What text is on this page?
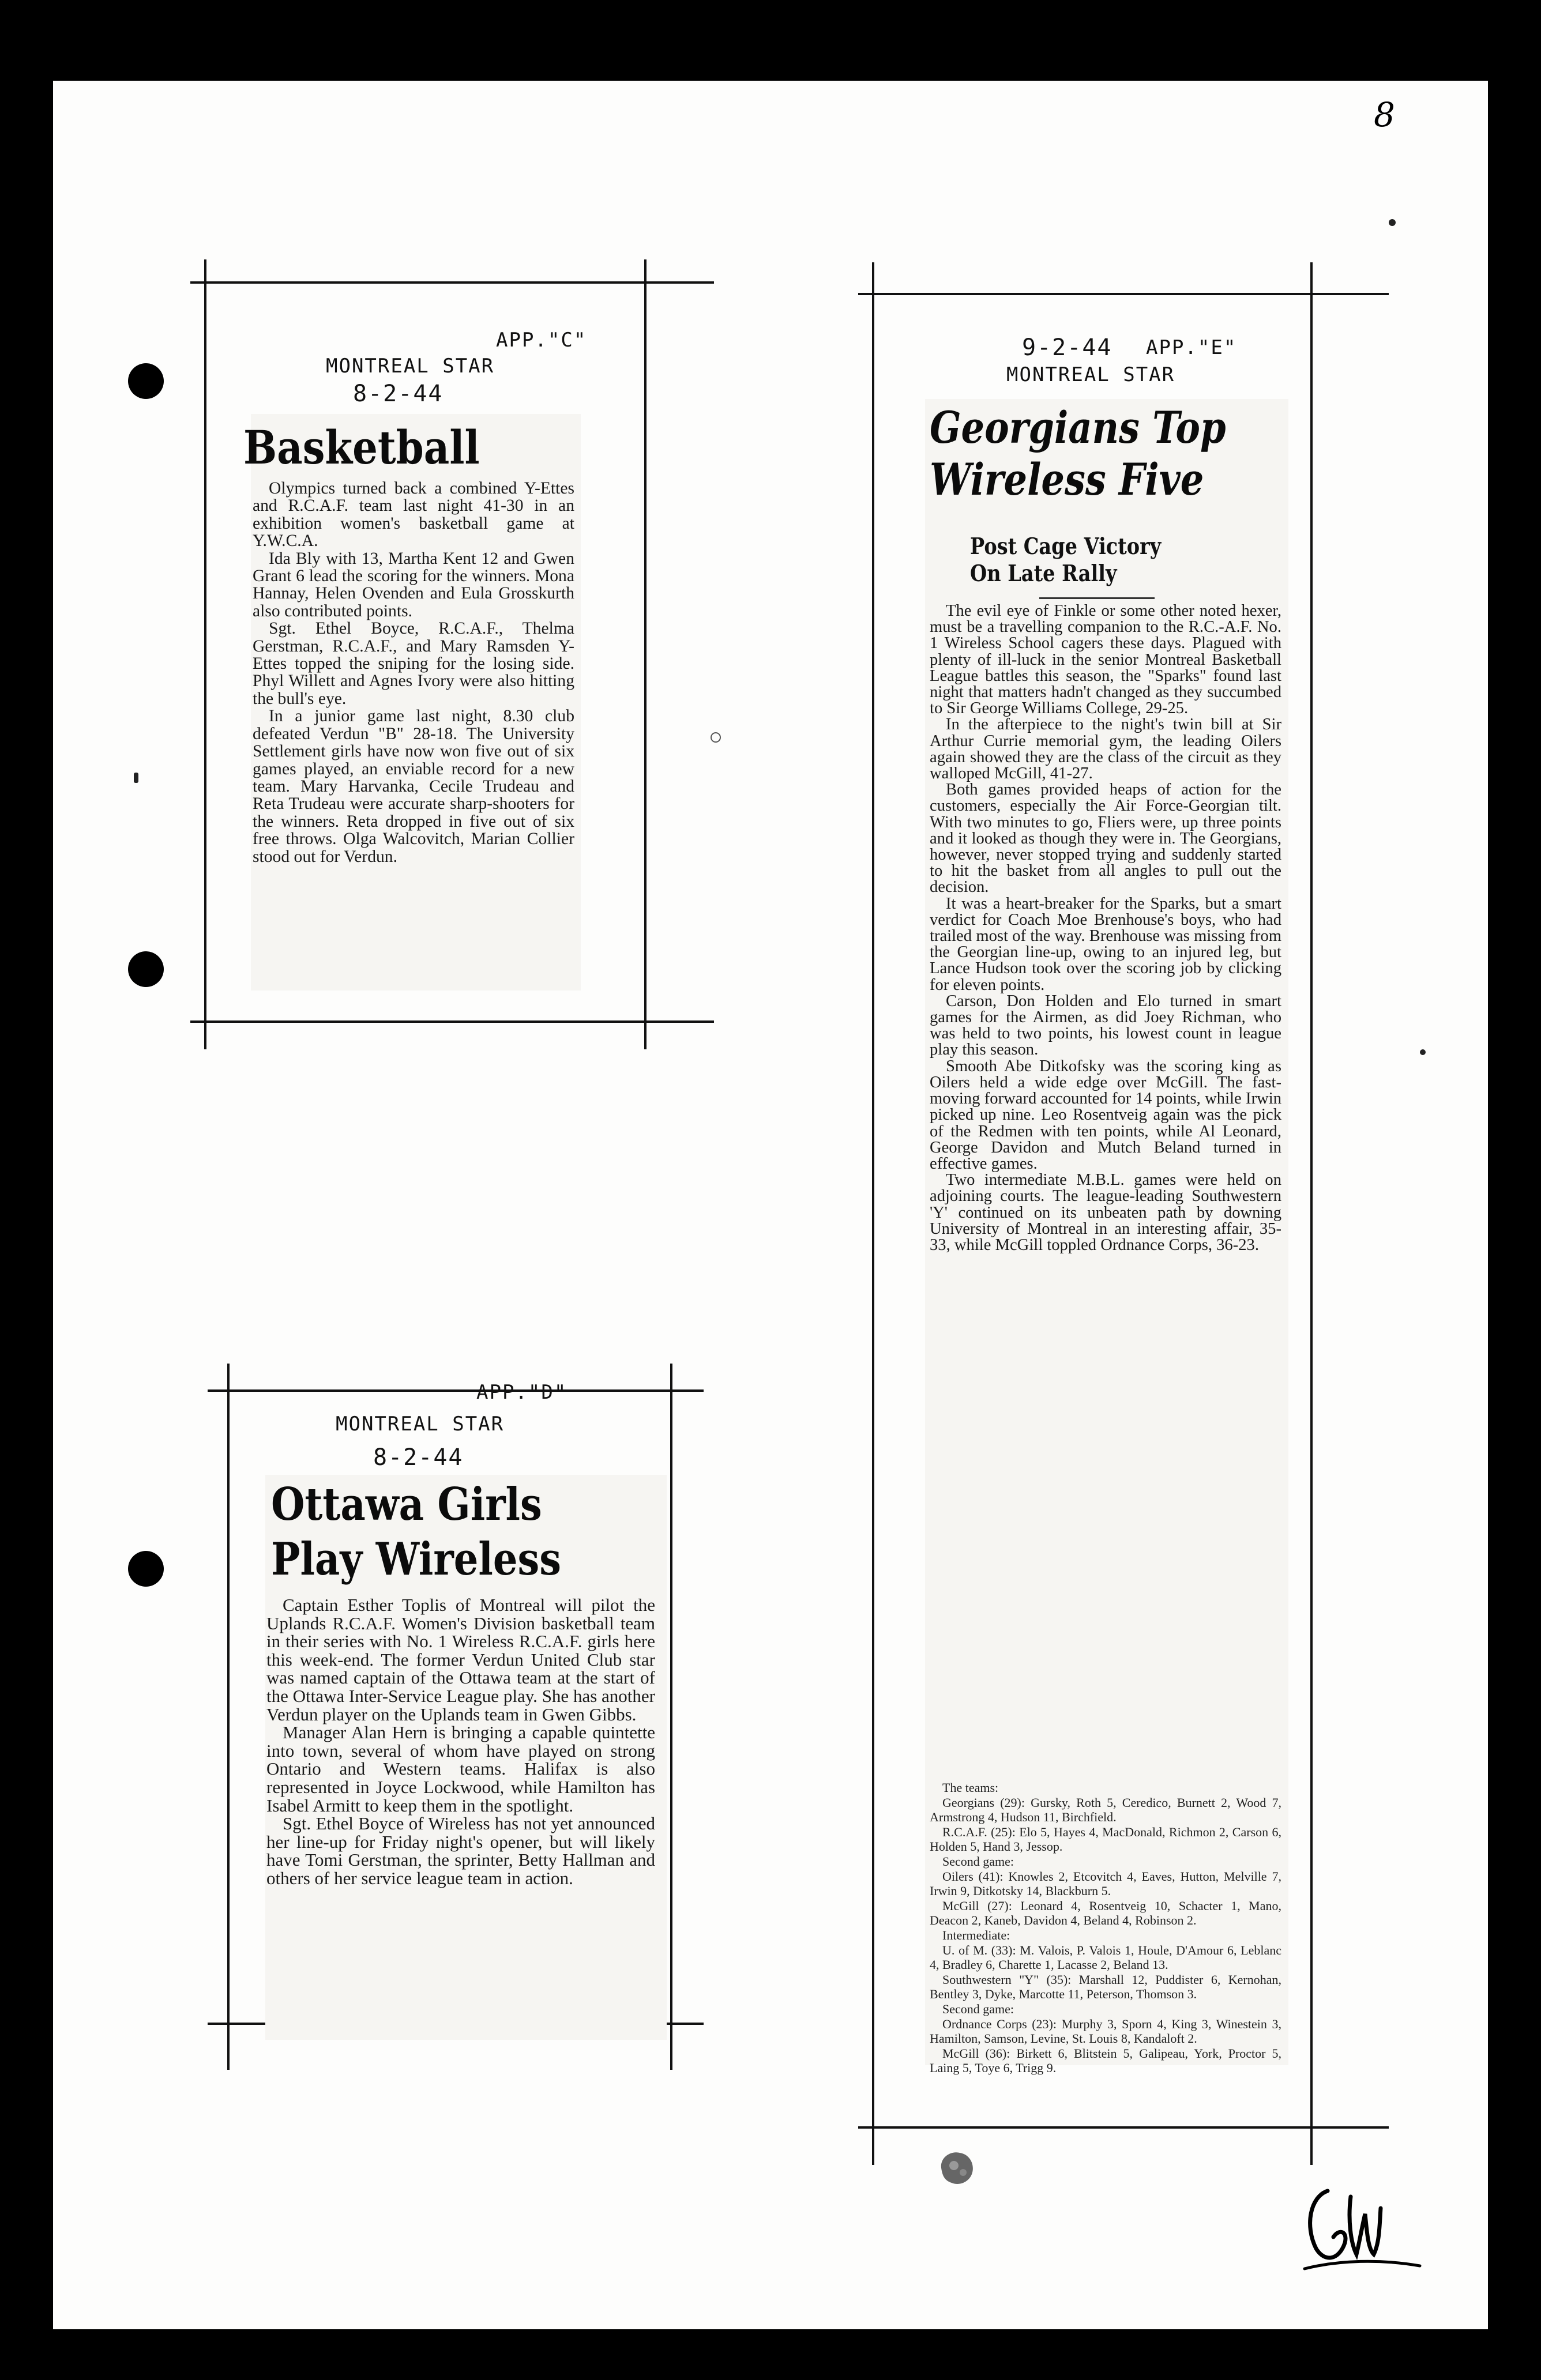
8
APP."C"
MONTREAL STAR
8-2-44
Basketball

Olympics turned back a combined Y-Ettes and R.C.A.F. team last night 41-30 in an exhibition women's basketball game at Y.W.C.A.

Ida Bly with 13, Martha Kent 12 and Gwen Grant 6 lead the scoring for the winners. Mona Hannay, Helen Ovenden and Eula Grosskurth also contributed points.

Sgt. Ethel Boyce, R.C.A.F., Thelma Gerstman, R.C.A.F., and Mary Ramsden Y-Ettes topped the sniping for the losing side. Phyl Willett and Agnes Ivory were also hitting the bull's eye.

In a junior game last night, 8.30 club defeated Verdun "B" 28-18. The University Settlement girls have now won five out of six games played, an enviable record for a new team. Mary Harvanka, Cecile Trudeau and Reta Trudeau were accurate sharp-shooters for the winners. Reta dropped in five out of six free throws. Olga Walcovitch, Marian Collier stood out for Verdun.

APP."D"
MONTREAL STAR
8-2-44
Ottawa Girls
Play Wireless

Captain Esther Toplis of Montreal will pilot the Uplands R.C.A.F. Women's Division basketball team in their series with No. 1 Wireless R.C.A.F. girls here this week-end. The former Verdun United Club star was named captain of the Ottawa team at the start of the Ottawa Inter-Service League play. She has another Verdun player on the Uplands team in Gwen Gibbs.

Manager Alan Hern is bringing a capable quintette into town, several of whom have played on strong Ontario and Western teams. Halifax is also represented in Joyce Lockwood, while Hamilton has Isabel Armitt to keep them in the spotlight.

Sgt. Ethel Boyce of Wireless has not yet announced her line-up for Friday night's opener, but will likely have Tomi Gerstman, the sprinter, Betty Hallman and others of her service league team in action.

9-2-44 APP."E"
MONTREAL STAR
Georgians Top
Wireless Five
Post Cage Victory
On Late Rally

The evil eye of Finkle or some other noted hexer, must be a travelling companion to the R.C.-A.F. No. 1 Wireless School cagers these days. Plagued with plenty of ill-luck in the senior Montreal Basketball League battles this season, the "Sparks" found last night that matters hadn't changed as they succumbed to Sir George Williams College, 29-25.

In the afterpiece to the night's twin bill at Sir Arthur Currie memorial gym, the leading Oilers again showed they are the class of the circuit as they walloped McGill, 41-27.

Both games provided heaps of action for the customers, especially the Air Force-Georgian tilt. With two minutes to go, Fliers were, up three points and it looked as though they were in. The Georgians, however, never stopped trying and suddenly started to hit the basket from all angles to pull out the decision.

It was a heart-breaker for the Sparks, but a smart verdict for Coach Moe Brenhouse's boys, who had trailed most of the way. Brenhouse was missing from the Georgian line-up, owing to an injured leg, but Lance Hudson took over the scoring job by clicking for eleven points.

Carson, Don Holden and Elo turned in smart games for the Airmen, as did Joey Richman, who was held to two points, his lowest count in league play this season.

Smooth Abe Ditkofsky was the scoring king as Oilers held a wide edge over McGill. The fast-moving forward accounted for 14 points, while Irwin picked up nine. Leo Rosentveig again was the pick of the Redmen with ten points, while Al Leonard, George Davidon and Mutch Beland turned in effective games.

Two intermediate M.B.L. games were held on adjoining courts. The league-leading Southwestern 'Y' continued on its unbeaten path by downing University of Montreal in an interesting affair, 35-33, while McGill toppled Ordnance Corps, 36-23.

The teams:

Georgians (29): Gursky, Roth 5, Ceredico, Burnett 2, Wood 7, Armstrong 4, Hudson 11, Birchfield.

R.C.A.F. (25): Elo 5, Hayes 4, MacDonald, Richmon 2, Carson 6, Holden 5, Hand 3, Jessop.

Second game:

Oilers (41): Knowles 2, Etcovitch 4, Eaves, Hutton, Melville 7, Irwin 9, Ditkotsky 14, Blackburn 5.

McGill (27): Leonard 4, Rosentveig 10, Schacter 1, Mano, Deacon 2, Kaneb, Davidon 4, Beland 4, Robinson 2.

Intermediate:

U. of M. (33): M. Valois, P. Valois 1, Houle, D'Amour 6, Leblanc 4, Bradley 6, Charette 1, Lacasse 2, Beland 13.

Southwestern "Y" (35): Marshall 12, Puddister 6, Kernohan, Bentley 3, Dyke, Marcotte 11, Peterson, Thomson 3.

Second game:

Ordnance Corps (23): Murphy 3, Sporn 4, King 3, Winestein 3, Hamilton, Samson, Levine, St. Louis 8, Kandaloft 2.

McGill (36): Birkett 6, Blitstein 5, Galipeau, York, Proctor 5, Laing 5, Toye 6, Trigg 9.
